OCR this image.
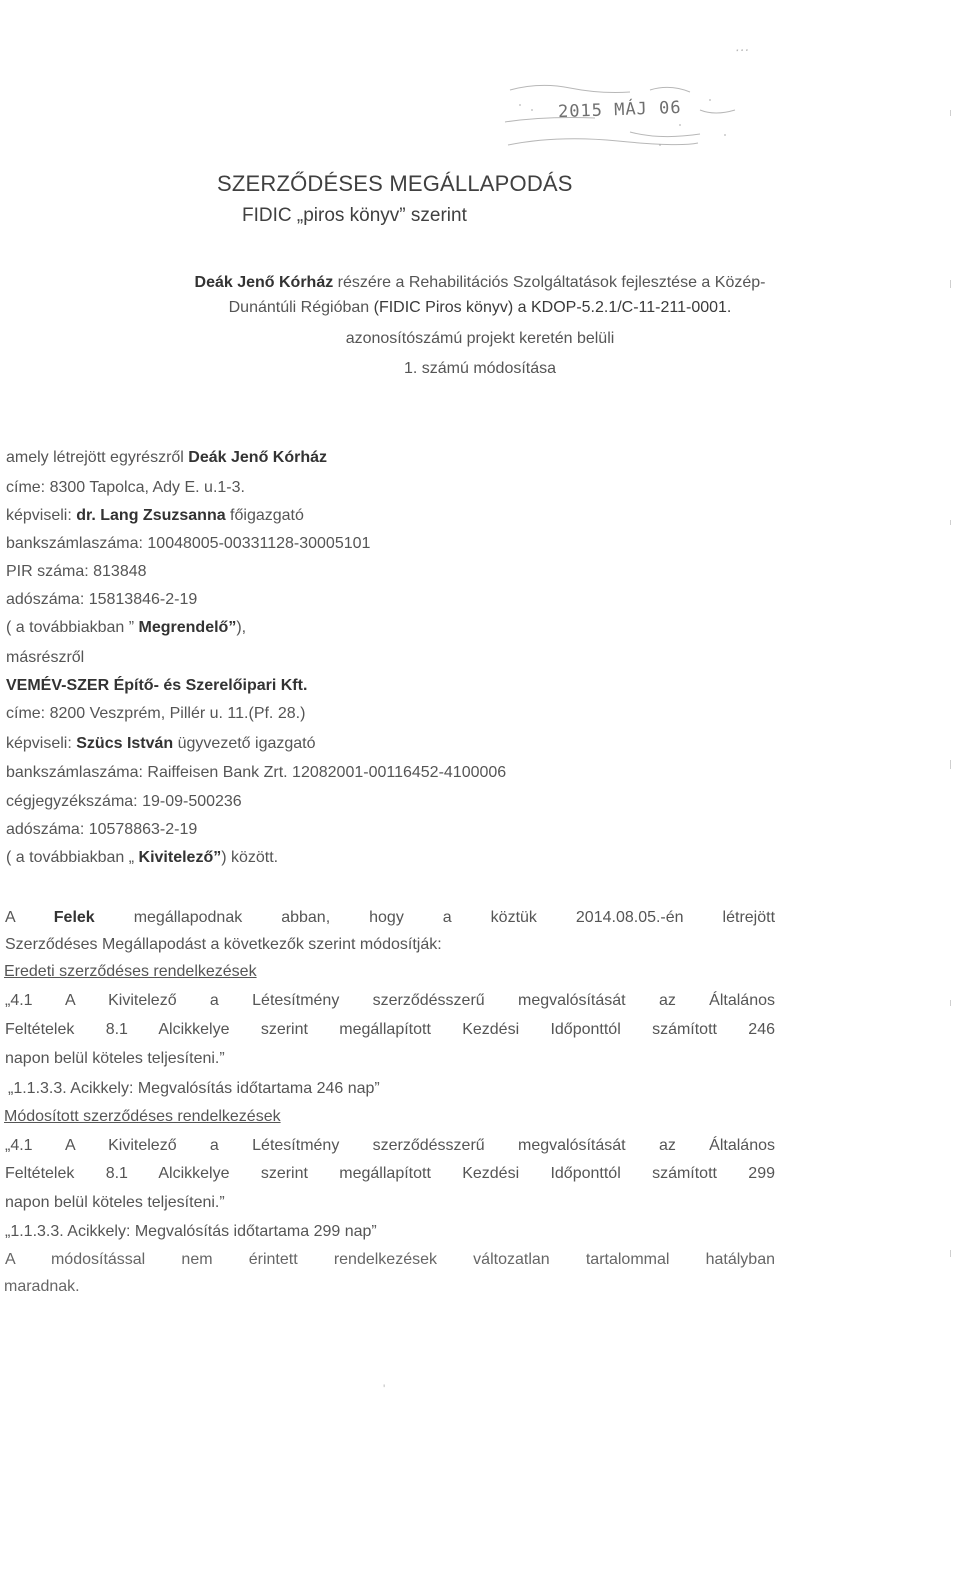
…
2015 MÁJ 06
SZERZŐDÉSES MEGÁLLAPODÁS
FIDIC „piros könyv” szerint
Deák Jenő Kórház részére a Rehabilitációs Szolgáltatások fejlesztése a Közép-
Dunántúli Régióban (FIDIC Piros könyv) a KDOP-5.2.1/C-11-211-0001.
azonosítószámú projekt keretén belüli
1. számú módosítása
amely létrejött egyrészről Deák Jenő Kórház
címe: 8300 Tapolca, Ady E. u.1-3.
képviseli: dr. Lang Zsuzsanna főigazgató
bankszámlaszáma: 10048005-00331128-30005101
PIR száma: 813848
adószáma: 15813846-2-19
( a továbbiakban ” Megrendelő”),
másrészről
VEMÉV-SZER Építő- és Szerelőipari Kft.
címe: 8200 Veszprém, Pillér u. 11.(Pf. 28.)
képviseli: Szücs István ügyvezető igazgató
bankszámlaszáma: Raiffeisen Bank Zrt. 12082001-00116452-4100006
cégjegyzékszáma: 19-09-500236
adószáma: 10578863-2-19
( a továbbiakban „ Kivitelező”) között.
A Felek megállapodnak abban, hogy a köztük 2014.08.05.-én létrejött
Szerződéses Megállapodást a következők szerint módosítják:
Eredeti szerződéses rendelkezések
„4.1 A Kivitelező a Létesítmény szerződésszerű megvalósítását az Általános
Feltételek 8.1 Alcikkelye szerint megállapított Kezdési Időponttól számított 246
napon belül köteles teljesíteni.”
„1.1.3.3. Acikkely: Megvalósítás időtartama 246 nap”
Módosított szerződéses rendelkezések
„4.1 A Kivitelező a Létesítmény szerződésszerű megvalósítását az Általános
Feltételek 8.1 Alcikkelye szerint megállapított Kezdési Időponttól számított 299
napon belül köteles teljesíteni.”
„1.1.3.3. Acikkely: Megvalósítás időtartama 299 nap”
A módosítással nem érintett rendelkezések változatlan tartalommal hatályban
maradnak.
'
